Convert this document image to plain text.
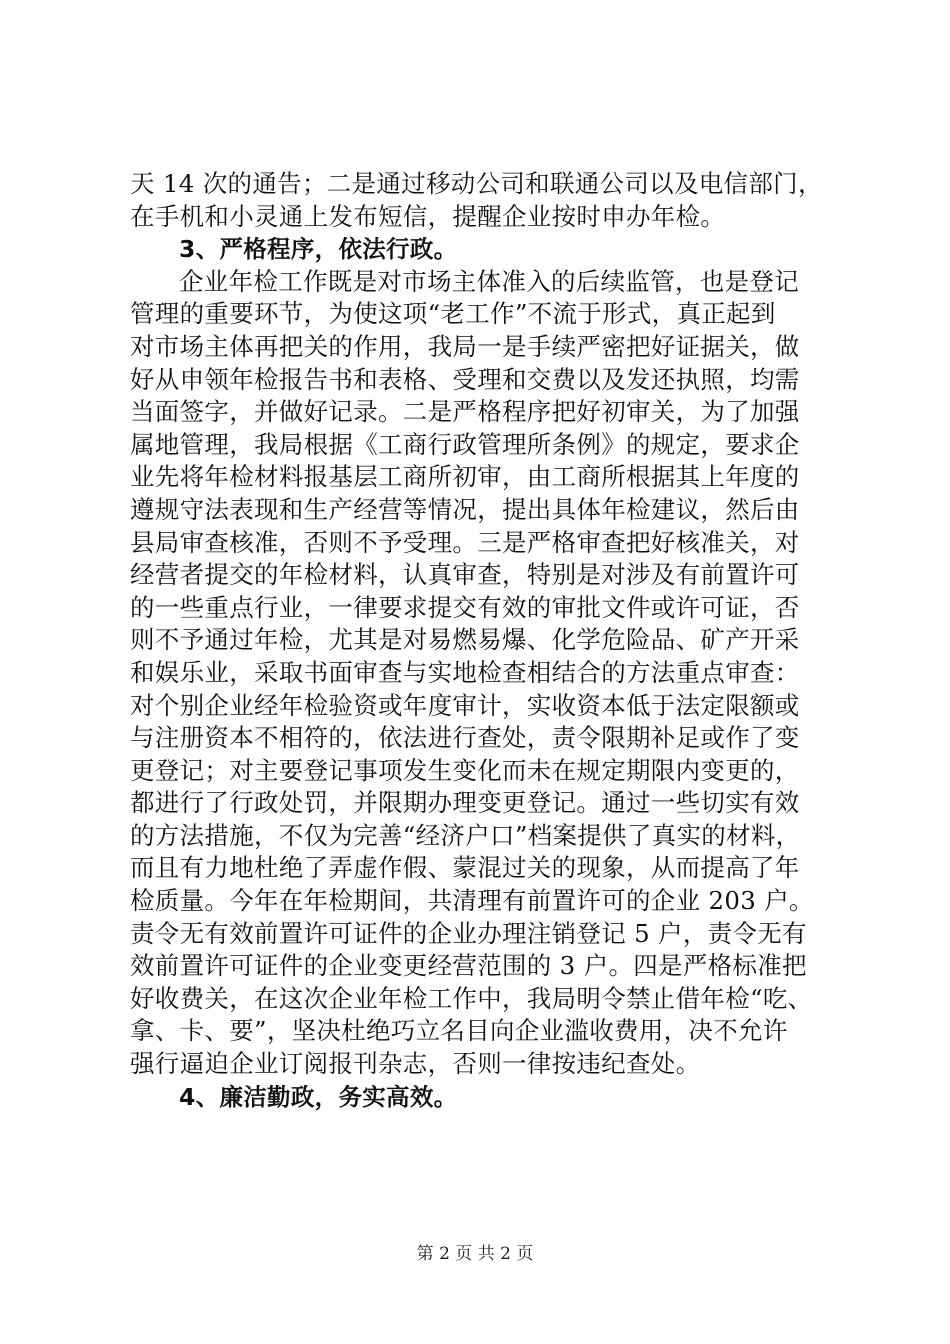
天 14 次的通告；二是通过移动公司和联通公司以及电信部门，
在手机和小灵通上发布短信，提醒企业按时申办年检。
3、严格程序，依法行政。
企业年检工作既是对市场主体准入的后续监管，也是登记
管理的重要环节，为使这项“老工作”不流于形式，真正起到
对市场主体再把关的作用，我局一是手续严密把好证据关，做
好从申领年检报告书和表格、受理和交费以及发还执照，均需
当面签字，并做好记录。二是严格程序把好初审关，为了加强
属地管理，我局根据《工商行政管理所条例》的规定，要求企
业先将年检材料报基层工商所初审，由工商所根据其上年度的
遵规守法表现和生产经营等情况，提出具体年检建议，然后由
县局审查核准，否则不予受理。三是严格审查把好核准关，对
经营者提交的年检材料，认真审查，特别是对涉及有前置许可
的一些重点行业，一律要求提交有效的审批文件或许可证，否
则不予通过年检，尤其是对易燃易爆、化学危险品、矿产开采
和娱乐业，采取书面审查与实地检查相结合的方法重点审查：
对个别企业经年检验资或年度审计，实收资本低于法定限额或
与注册资本不相符的，依法进行查处，责令限期补足或作了变
更登记；对主要登记事项发生变化而未在规定期限内变更的，
都进行了行政处罚，并限期办理变更登记。通过一些切实有效
的方法措施，不仅为完善“经济户口”档案提供了真实的材料，
而且有力地杜绝了弄虚作假、蒙混过关的现象，从而提高了年
检质量。今年在年检期间，共清理有前置许可的企业 203 户。
责令无有效前置许可证件的企业办理注销登记 5 户，责令无有
效前置许可证件的企业变更经营范围的 3 户。四是严格标准把
好收费关，在这次企业年检工作中，我局明令禁止借年检“吃、
拿、卡、要”，坚决杜绝巧立名目向企业滥收费用，决不允许
强行逼迫企业订阅报刊杂志，否则一律按违纪查处。
4、廉洁勤政，务实高效。
第 2 页 共 2 页
